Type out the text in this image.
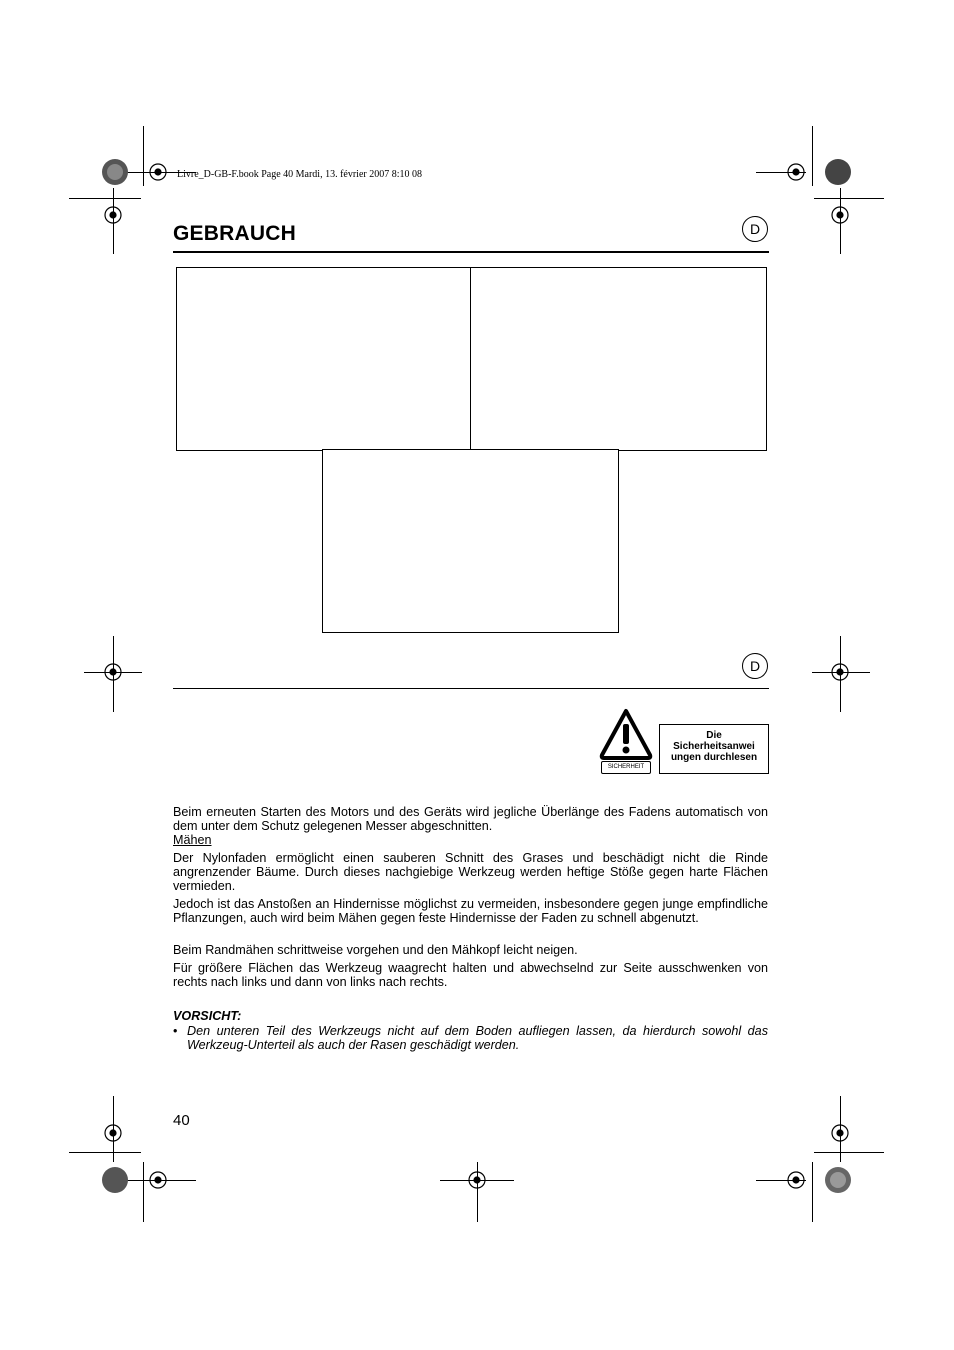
Livre_D-GB-F.book Page 40 Mardi, 13. février 2007 8:10 08
GEBRAUCH	D
D
SICHERHEIT
Die
Sicherheitsanwei
ungen durchlesen
Beim erneuten Starten des Motors und des Geräts wird jegliche Überlänge des Fadens automatisch von dem unter dem Schutz gelegenen Messer abgeschnitten.
Mähen
Der Nylonfaden ermöglicht einen sauberen Schnitt des Grases und beschädigt nicht die Rinde angrenzender Bäume. Durch dieses nachgiebige Werkzeug werden heftige Stöße gegen harte Flächen vermieden.
Jedoch ist das Anstoßen an Hindernisse möglichst zu vermeiden, insbesondere gegen junge empfindliche Pflanzungen, auch wird beim Mähen gegen feste Hindernisse der Faden zu schnell abgenutzt.
Beim Randmähen schrittweise vorgehen und den Mähkopf leicht neigen.
Für größere Flächen das Werkzeug waagrecht halten und abwechselnd zur Seite ausschwenken von rechts nach links und dann von links nach rechts.
VORSICHT:
• Den unteren Teil des Werkzeugs nicht auf dem Boden aufliegen lassen, da hierdurch sowohl das Werkzeug-Unterteil als auch der Rasen geschädigt werden.
40
